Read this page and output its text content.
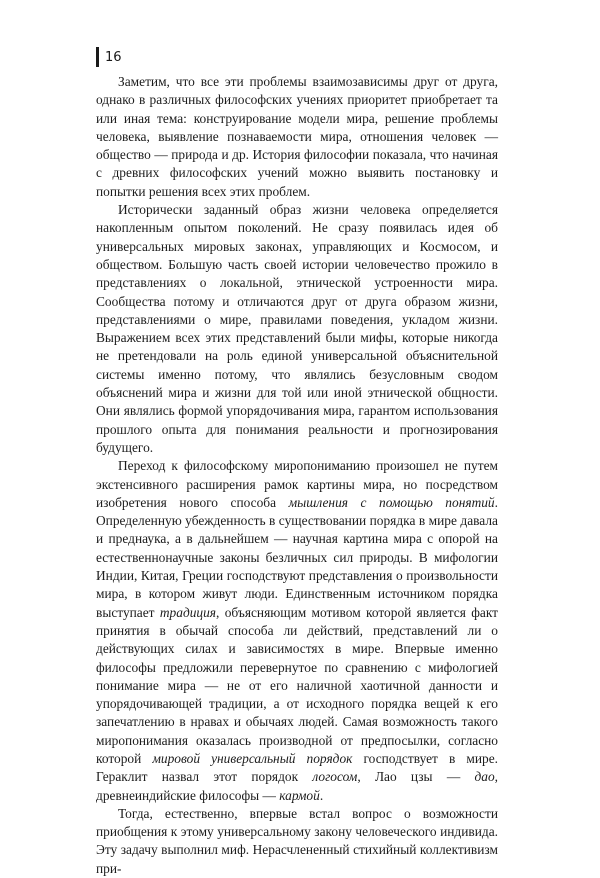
16

Заметим, что все эти проблемы взаимозависимы друг от друга, однако в различных философских учениях приоритет приобретает та или иная тема: конструирование модели мира, решение проблемы человека, выявление познаваемости мира, отношения человек — общество — природа и др. История философии показала, что начиная с древних философских учений можно выявить постановку и попытки решения всех этих проблем.

Исторически заданный образ жизни человека определяется накопленным опытом поколений. Не сразу появилась идея об универсальных мировых законах, управляющих и Космосом, и обществом. Большую часть своей истории человечество прожило в представлениях о локальной, этнической устроенности мира. Сообщества потому и отличаются друг от друга образом жизни, представлениями о мире, правилами поведения, укладом жизни. Выражением всех этих представлений были мифы, которые никогда не претендовали на роль единой универсальной объяснительной системы именно потому, что являлись безусловным сводом объяснений мира и жизни для той или иной этнической общности. Они являлись формой упорядочивания мира, гарантом использования прошлого опыта для понимания реальности и прогнозирования будущего.

Переход к философскому миропониманию произошел не путем экстенсивного расширения рамок картины мира, но посредством изобретения нового способа мышления с помощью понятий. Определенную убежденность в существовании порядка в мире давала и преднаука, а в дальнейшем — научная картина мира с опорой на естественнонаучные законы безличных сил природы. В мифологии Индии, Китая, Греции господствуют представления о произвольности мира, в котором живут люди. Единственным источником порядка выступает традиция, объясняющим мотивом которой является факт принятия в обычай способа ли действий, представлений ли о действующих силах и зависимостях в мире. Впервые именно философы предложили перевернутое по сравнению с мифологией понимание мира — не от его наличной хаотичной данности и упорядочивающей традиции, а от исходного порядка вещей к его запечатлению в нравах и обычаях людей. Самая возможность такого миропонимания оказалась производной от предпосылки, согласно которой мировой универсальный порядок господствует в мире. Гераклит назвал этот порядок логосом, Лао цзы — дао, древнеиндийские философы — кармой.

Тогда, естественно, впервые встал вопрос о возможности приобщения к этому универсальному закону человеческого индивида. Эту задачу выполнил миф. Нерасчлененный стихийный коллективизм при-
